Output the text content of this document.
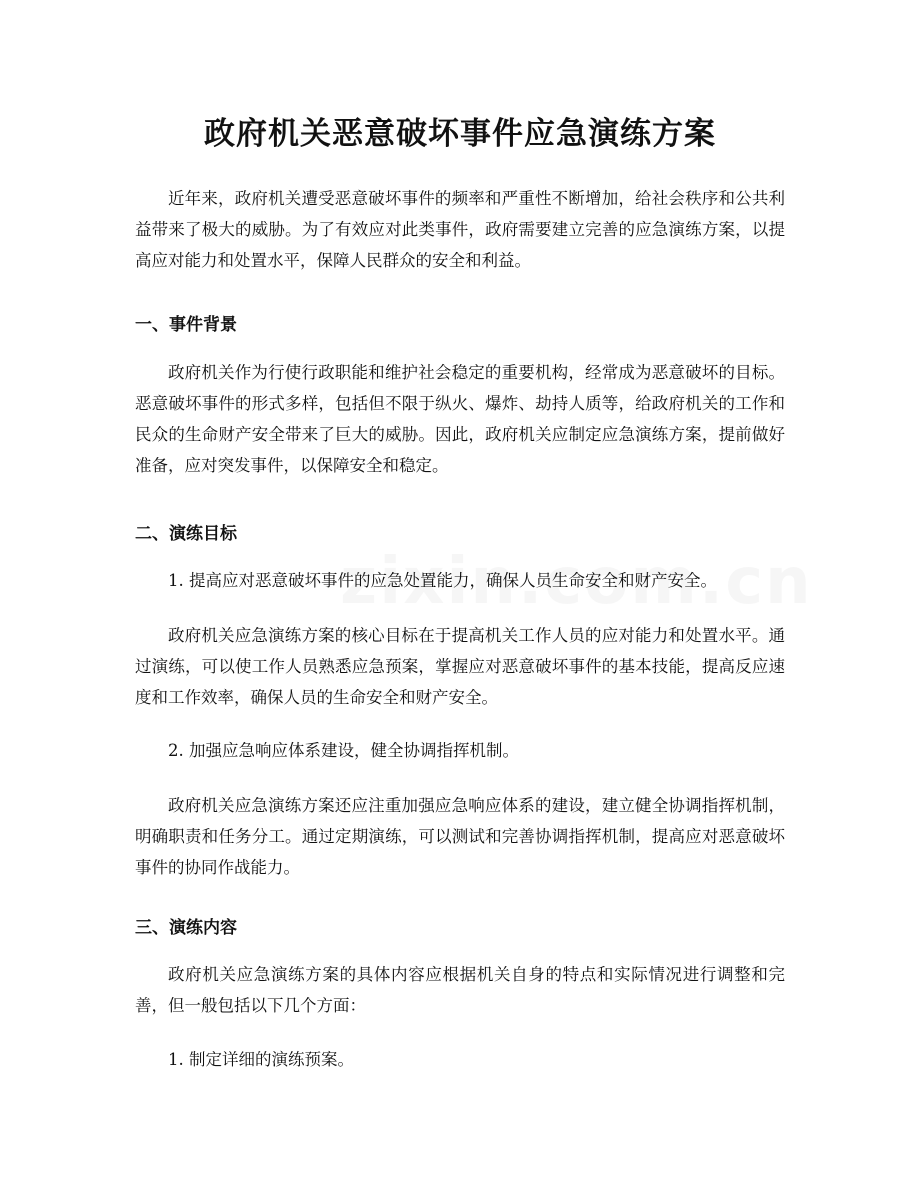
政府机关恶意破坏事件应急演练方案

近年来，政府机关遭受恶意破坏事件的频率和严重性不断增加，给社会秩序和公共利益带来了极大的威胁。为了有效应对此类事件，政府需要建立完善的应急演练方案，以提高应对能力和处置水平，保障人民群众的安全和利益。

一、事件背景

政府机关作为行使行政职能和维护社会稳定的重要机构，经常成为恶意破坏的目标。恶意破坏事件的形式多样，包括但不限于纵火、爆炸、劫持人质等，给政府机关的工作和民众的生命财产安全带来了巨大的威胁。因此，政府机关应制定应急演练方案，提前做好准备，应对突发事件，以保障安全和稳定。

二、演练目标

1. 提高应对恶意破坏事件的应急处置能力，确保人员生命安全和财产安全。

政府机关应急演练方案的核心目标在于提高机关工作人员的应对能力和处置水平。通过演练，可以使工作人员熟悉应急预案，掌握应对恶意破坏事件的基本技能，提高反应速度和工作效率，确保人员的生命安全和财产安全。

2. 加强应急响应体系建设，健全协调指挥机制。

政府机关应急演练方案还应注重加强应急响应体系的建设，建立健全协调指挥机制，明确职责和任务分工。通过定期演练，可以测试和完善协调指挥机制，提高应对恶意破坏事件的协同作战能力。

三、演练内容

政府机关应急演练方案的具体内容应根据机关自身的特点和实际情况进行调整和完善，但一般包括以下几个方面：

1. 制定详细的演练预案。
